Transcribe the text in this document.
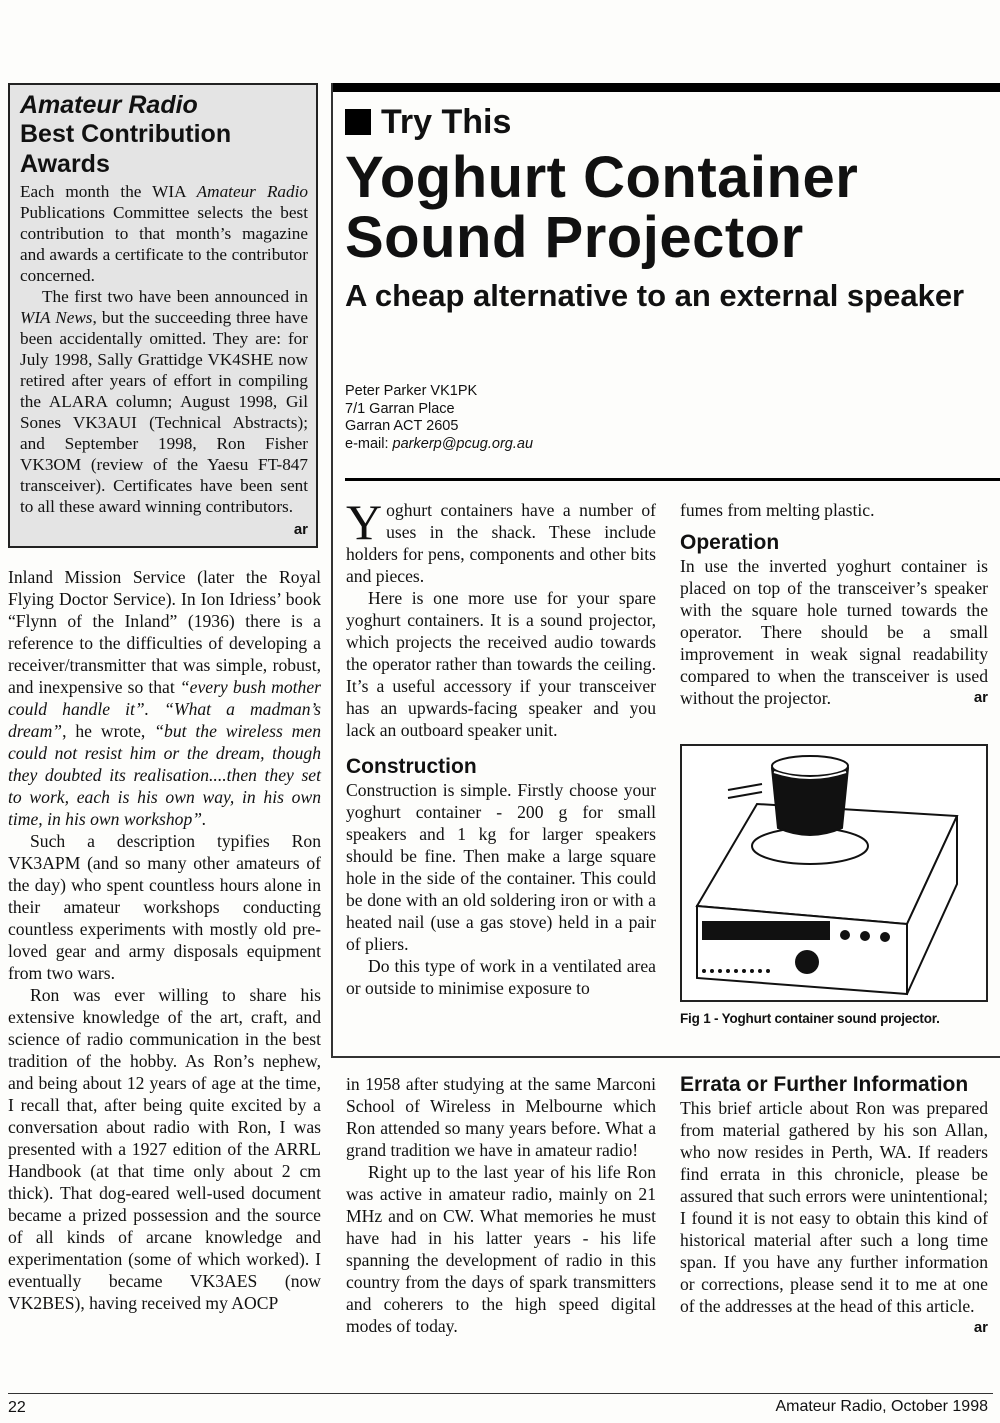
Amateur Radio
Best Contribution
Awards

Each month the WIA Amateur Radio Publications Committee selects the best contribution to that month’s magazine and awards a certificate to the contributor concerned.

The first two have been announced in WIA News, but the succeeding three have been accidentally omitted. They are: for July 1998, Sally Grattidge VK4SHE now retired after years of effort in compiling the ALARA column; August 1998, Gil Sones VK3AUI (Technical Abstracts); and September 1998, Ron Fisher VK3OM (review of the Yaesu FT-847 transceiver). Certificates have been sent to all these award winning contributors.
ar

Try This
Yoghurt Container
Sound Projector
A cheap alternative to an external speaker
Peter Parker VK1PK
7/1 Garran Place
Garran ACT 2605
e-mail: parkerp@pcug.org.au

Inland Mission Service (later the Royal Flying Doctor Service). In Ion Idriess’ book “Flynn of the Inland” (1936) there is a reference to the difficulties of developing a receiver/transmitter that was simple, robust, and inexpensive so that “every bush mother could handle it”. “What a madman’s dream”, he wrote, “but the wireless men could not resist him or the dream, though they doubted its realisation....then they set to work, each is his own way, in his own time, in his own workshop”.

Such a description typifies Ron VK3APM (and so many other amateurs of the day) who spent countless hours alone in their amateur workshops conducting countless experiments with mostly old pre-loved gear and army disposals equipment from two wars.

Ron was ever willing to share his extensive knowledge of the art, craft, and science of radio communication in the best tradition of the hobby. As Ron’s nephew, and being about 12 years of age at the time, I recall that, after being quite excited by a conversation about radio with Ron, I was presented with a 1927 edition of the ARRL Handbook (at that time only about 2 cm thick). That dog-eared well-used document became a prized possession and the source of all kinds of arcane knowledge and experimentation (some of which worked). I eventually became VK3AES (now VK2BES), having received my AOCP

Yoghurt containers have a number of uses in the shack. These include holders for pens, components and other bits and pieces.

Here is one more use for your spare yoghurt containers. It is a sound projector, which projects the received audio towards the operator rather than towards the ceiling. It’s a useful accessory if your transceiver has an upwards-facing speaker and you lack an outboard speaker unit.

Construction

Construction is simple. Firstly choose your yoghurt container - 200 g for small speakers and 1 kg for larger speakers should be fine. Then make a large square hole in the side of the container. This could be done with an old soldering iron or with a heated nail (use a gas stove) held in a pair of pliers.

Do this type of work in a ventilated area or outside to minimise exposure to

fumes from melting plastic.

Operation

In use the inverted yoghurt container is placed on top of the transceiver’s speaker with the square hole turned towards the operator. There should be a small improvement in weak signal readability compared to when the transceiver is used without the projector.	ar

Fig 1 - Yoghurt container sound projector.

in 1958 after studying at the same Marconi School of Wireless in Melbourne which Ron attended so many years before. What a grand tradition we have in amateur radio!

Right up to the last year of his life Ron was active in amateur radio, mainly on 21 MHz and on CW. What memories he must have had in his latter years - his life spanning the development of radio in this country from the days of spark transmitters and coherers to the high speed digital modes of today.

Errata or Further Information

This brief article about Ron was prepared from material gathered by his son Allan, who now resides in Perth, WA. If readers find errata in this chronicle, please be assured that such errors were unintentional; I found it is not easy to obtain this kind of historical material after such a long time span. If you have any further information or corrections, please send it to me at one of the addresses at the head of this article.
ar

22	Amateur Radio, October 1998
